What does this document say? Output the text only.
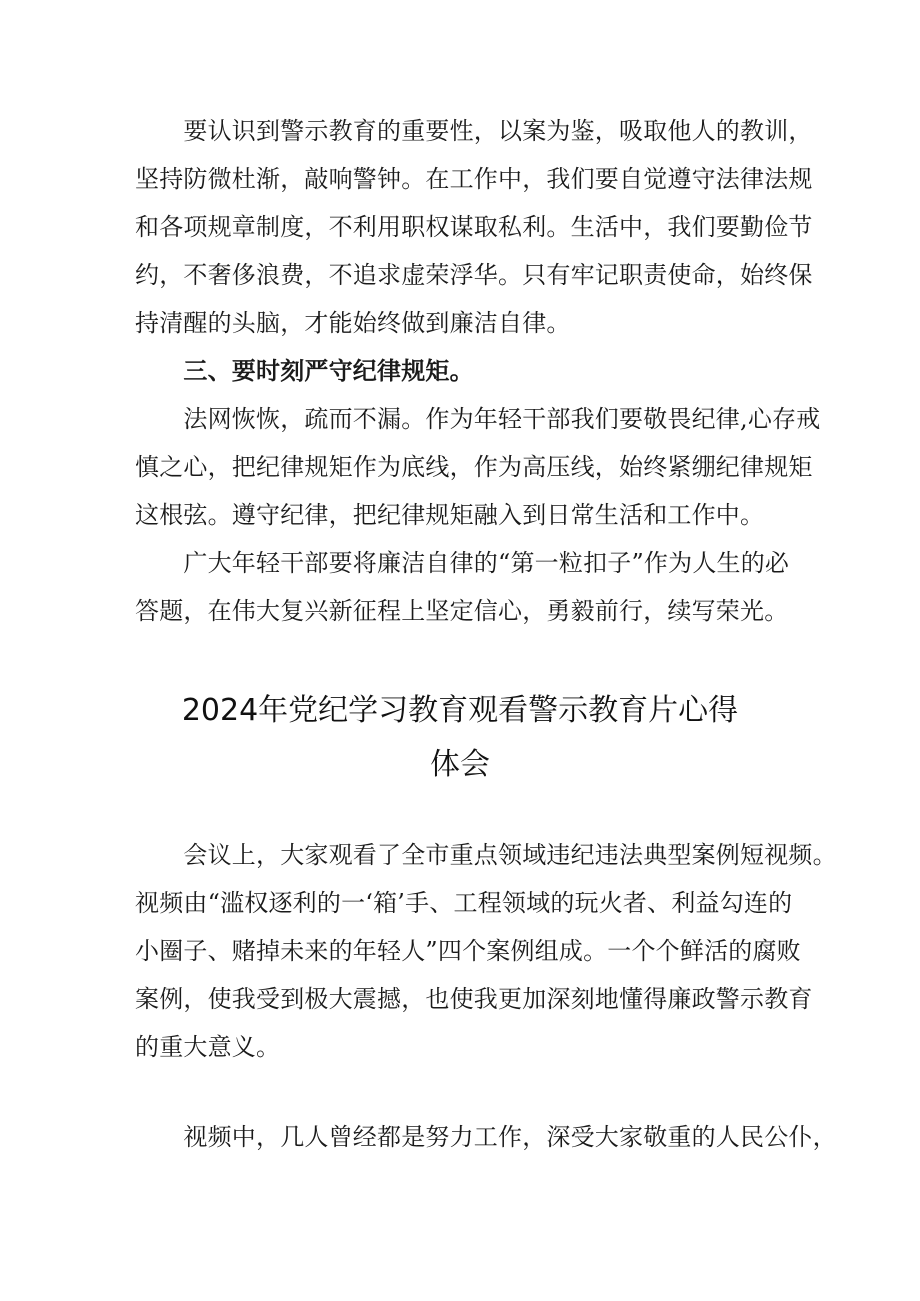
　　要认识到警示教育的重要性，以案为鉴，吸取他人的教训，
坚持防微杜渐，敲响警钟。在工作中，我们要自觉遵守法律法规
和各项规章制度，不利用职权谋取私利。生活中，我们要勤俭节
约，不奢侈浪费，不追求虚荣浮华。只有牢记职责使命，始终保
持清醒的头脑，才能始终做到廉洁自律。
　　三、要时刻严守纪律规矩。
　　法网恢恢，疏而不漏。作为年轻干部我们要敬畏纪律,心存戒
慎之心，把纪律规矩作为底线，作为高压线，始终紧绷纪律规矩
这根弦。遵守纪律，把纪律规矩融入到日常生活和工作中。
　　广大年轻干部要将廉洁自律的“第一粒扣子”作为人生的必
答题，在伟大复兴新征程上坚定信心，勇毅前行，续写荣光。
2024年党纪学习教育观看警示教育片心得
体会
　　会议上，大家观看了全市重点领域违纪违法典型案例短视频。
视频由“滥权逐利的一‘箱’手、工程领域的玩火者、利益勾连的
小圈子、赌掉未来的年轻人”四个案例组成。一个个鲜活的腐败
案例，使我受到极大震撼，也使我更加深刻地懂得廉政警示教育
的重大意义。
　　视频中，几人曾经都是努力工作，深受大家敬重的人民公仆，
